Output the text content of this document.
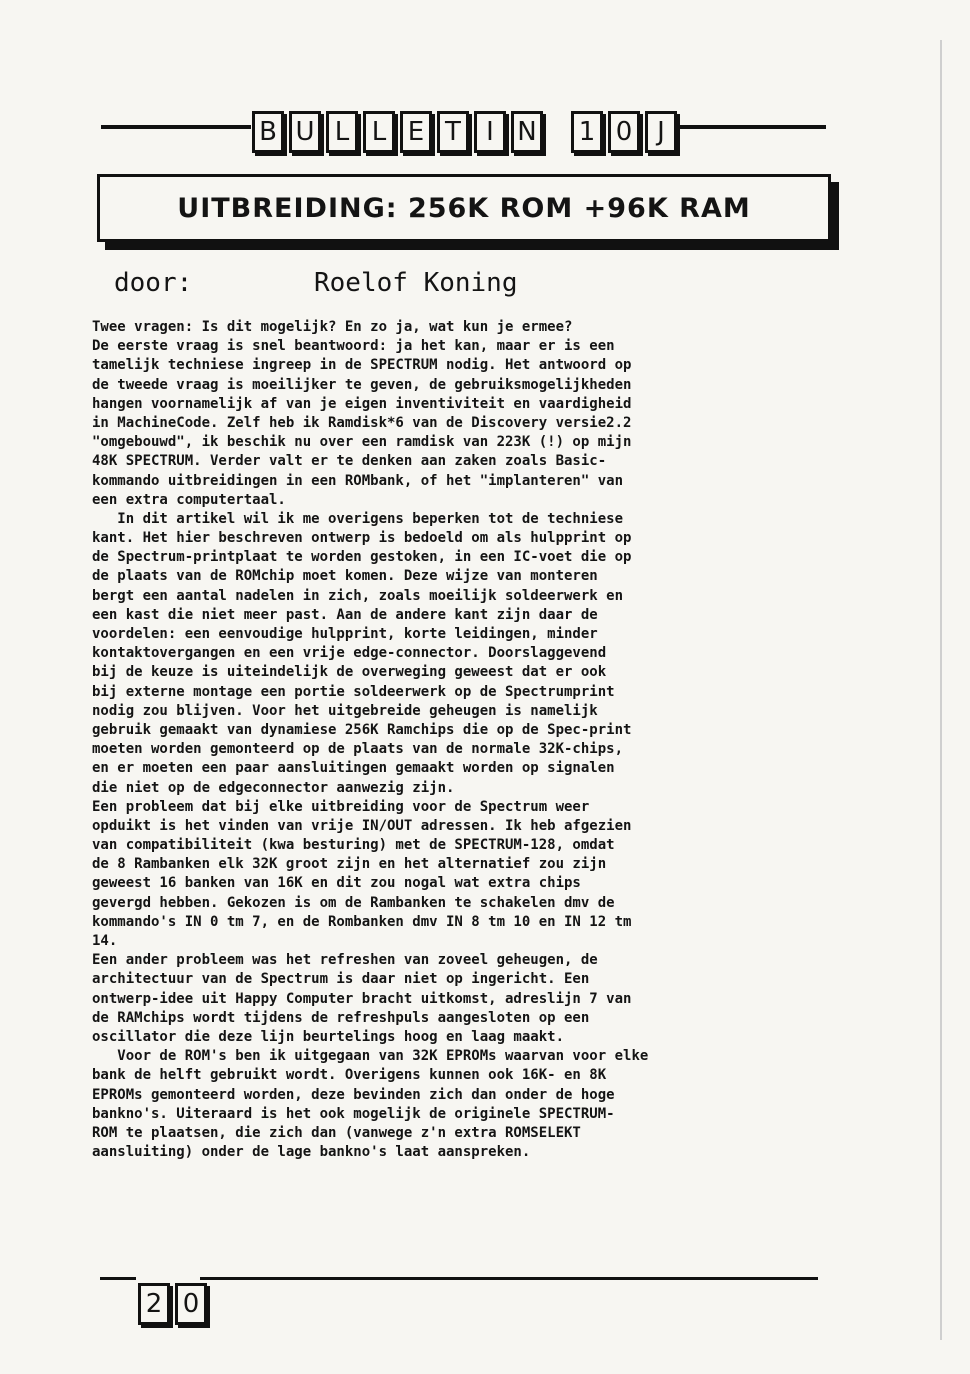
B U L L E T I N 1 0 J
UITBREIDING: 256K ROM +96K RAM
door:	Roelof Koning
Twee vragen: Is dit mogelijk? En zo ja, wat kun je ermee?
De eerste vraag is snel beantwoord: ja het kan, maar er is een
tamelijk techniese ingreep in de SPECTRUM nodig. Het antwoord op
de tweede vraag is moeilijker te geven, de gebruiksmogelijkheden
hangen voornamelijk af van je eigen inventiviteit en vaardigheid
in MachineCode. Zelf heb ik Ramdisk*6 van de Discovery versie2.2
"omgebouwd", ik beschik nu over een ramdisk van 223K (!) op mijn
48K SPECTRUM. Verder valt er te denken aan zaken zoals Basic-
kommando uitbreidingen in een ROMbank, of het "implanteren" van
een extra computertaal.
In dit artikel wil ik me overigens beperken tot de techniese
kant. Het hier beschreven ontwerp is bedoeld om als hulpprint op
de Spectrum-printplaat te worden gestoken, in een IC-voet die op
de plaats van de ROMchip moet komen. Deze wijze van monteren
bergt een aantal nadelen in zich, zoals moeilijk soldeerwerk en
een kast die niet meer past. Aan de andere kant zijn daar de
voordelen: een eenvoudige hulpprint, korte leidingen, minder
kontaktovergangen en een vrije edge-connector. Doorslaggevend
bij de keuze is uiteindelijk de overweging geweest dat er ook
bij externe montage een portie soldeerwerk op de Spectrumprint
nodig zou blijven. Voor het uitgebreide geheugen is namelijk
gebruik gemaakt van dynamiese 256K Ramchips die op de Spec-print
moeten worden gemonteerd op de plaats van de normale 32K-chips,
en er moeten een paar aansluitingen gemaakt worden op signalen
die niet op de edgeconnector aanwezig zijn.
Een probleem dat bij elke uitbreiding voor de Spectrum weer
opduikt is het vinden van vrije IN/OUT adressen. Ik heb afgezien
van compatibiliteit (kwa besturing) met de SPECTRUM-128, omdat
de 8 Rambanken elk 32K groot zijn en het alternatief zou zijn
geweest 16 banken van 16K en dit zou nogal wat extra chips
gevergd hebben. Gekozen is om de Rambanken te schakelen dmv de
kommando's IN 0 tm 7, en de Rombanken dmv IN 8 tm 10 en IN 12 tm
14.
Een ander probleem was het refreshen van zoveel geheugen, de
architectuur van de Spectrum is daar niet op ingericht. Een
ontwerp-idee uit Happy Computer bracht uitkomst, adreslijn 7 van
de RAMchips wordt tijdens de refreshpuls aangesloten op een
oscillator die deze lijn beurtelings hoog en laag maakt.
Voor de ROM's ben ik uitgegaan van 32K EPROMs waarvan voor elke
bank de helft gebruikt wordt. Overigens kunnen ook 16K- en 8K
EPROMs gemonteerd worden, deze bevinden zich dan onder de hoge
bankno's. Uiteraard is het ook mogelijk de originele SPECTRUM-
ROM te plaatsen, die zich dan (vanwege z'n extra ROMSELEKT
aansluiting) onder de lage bankno's laat aanspreken.
2 0
